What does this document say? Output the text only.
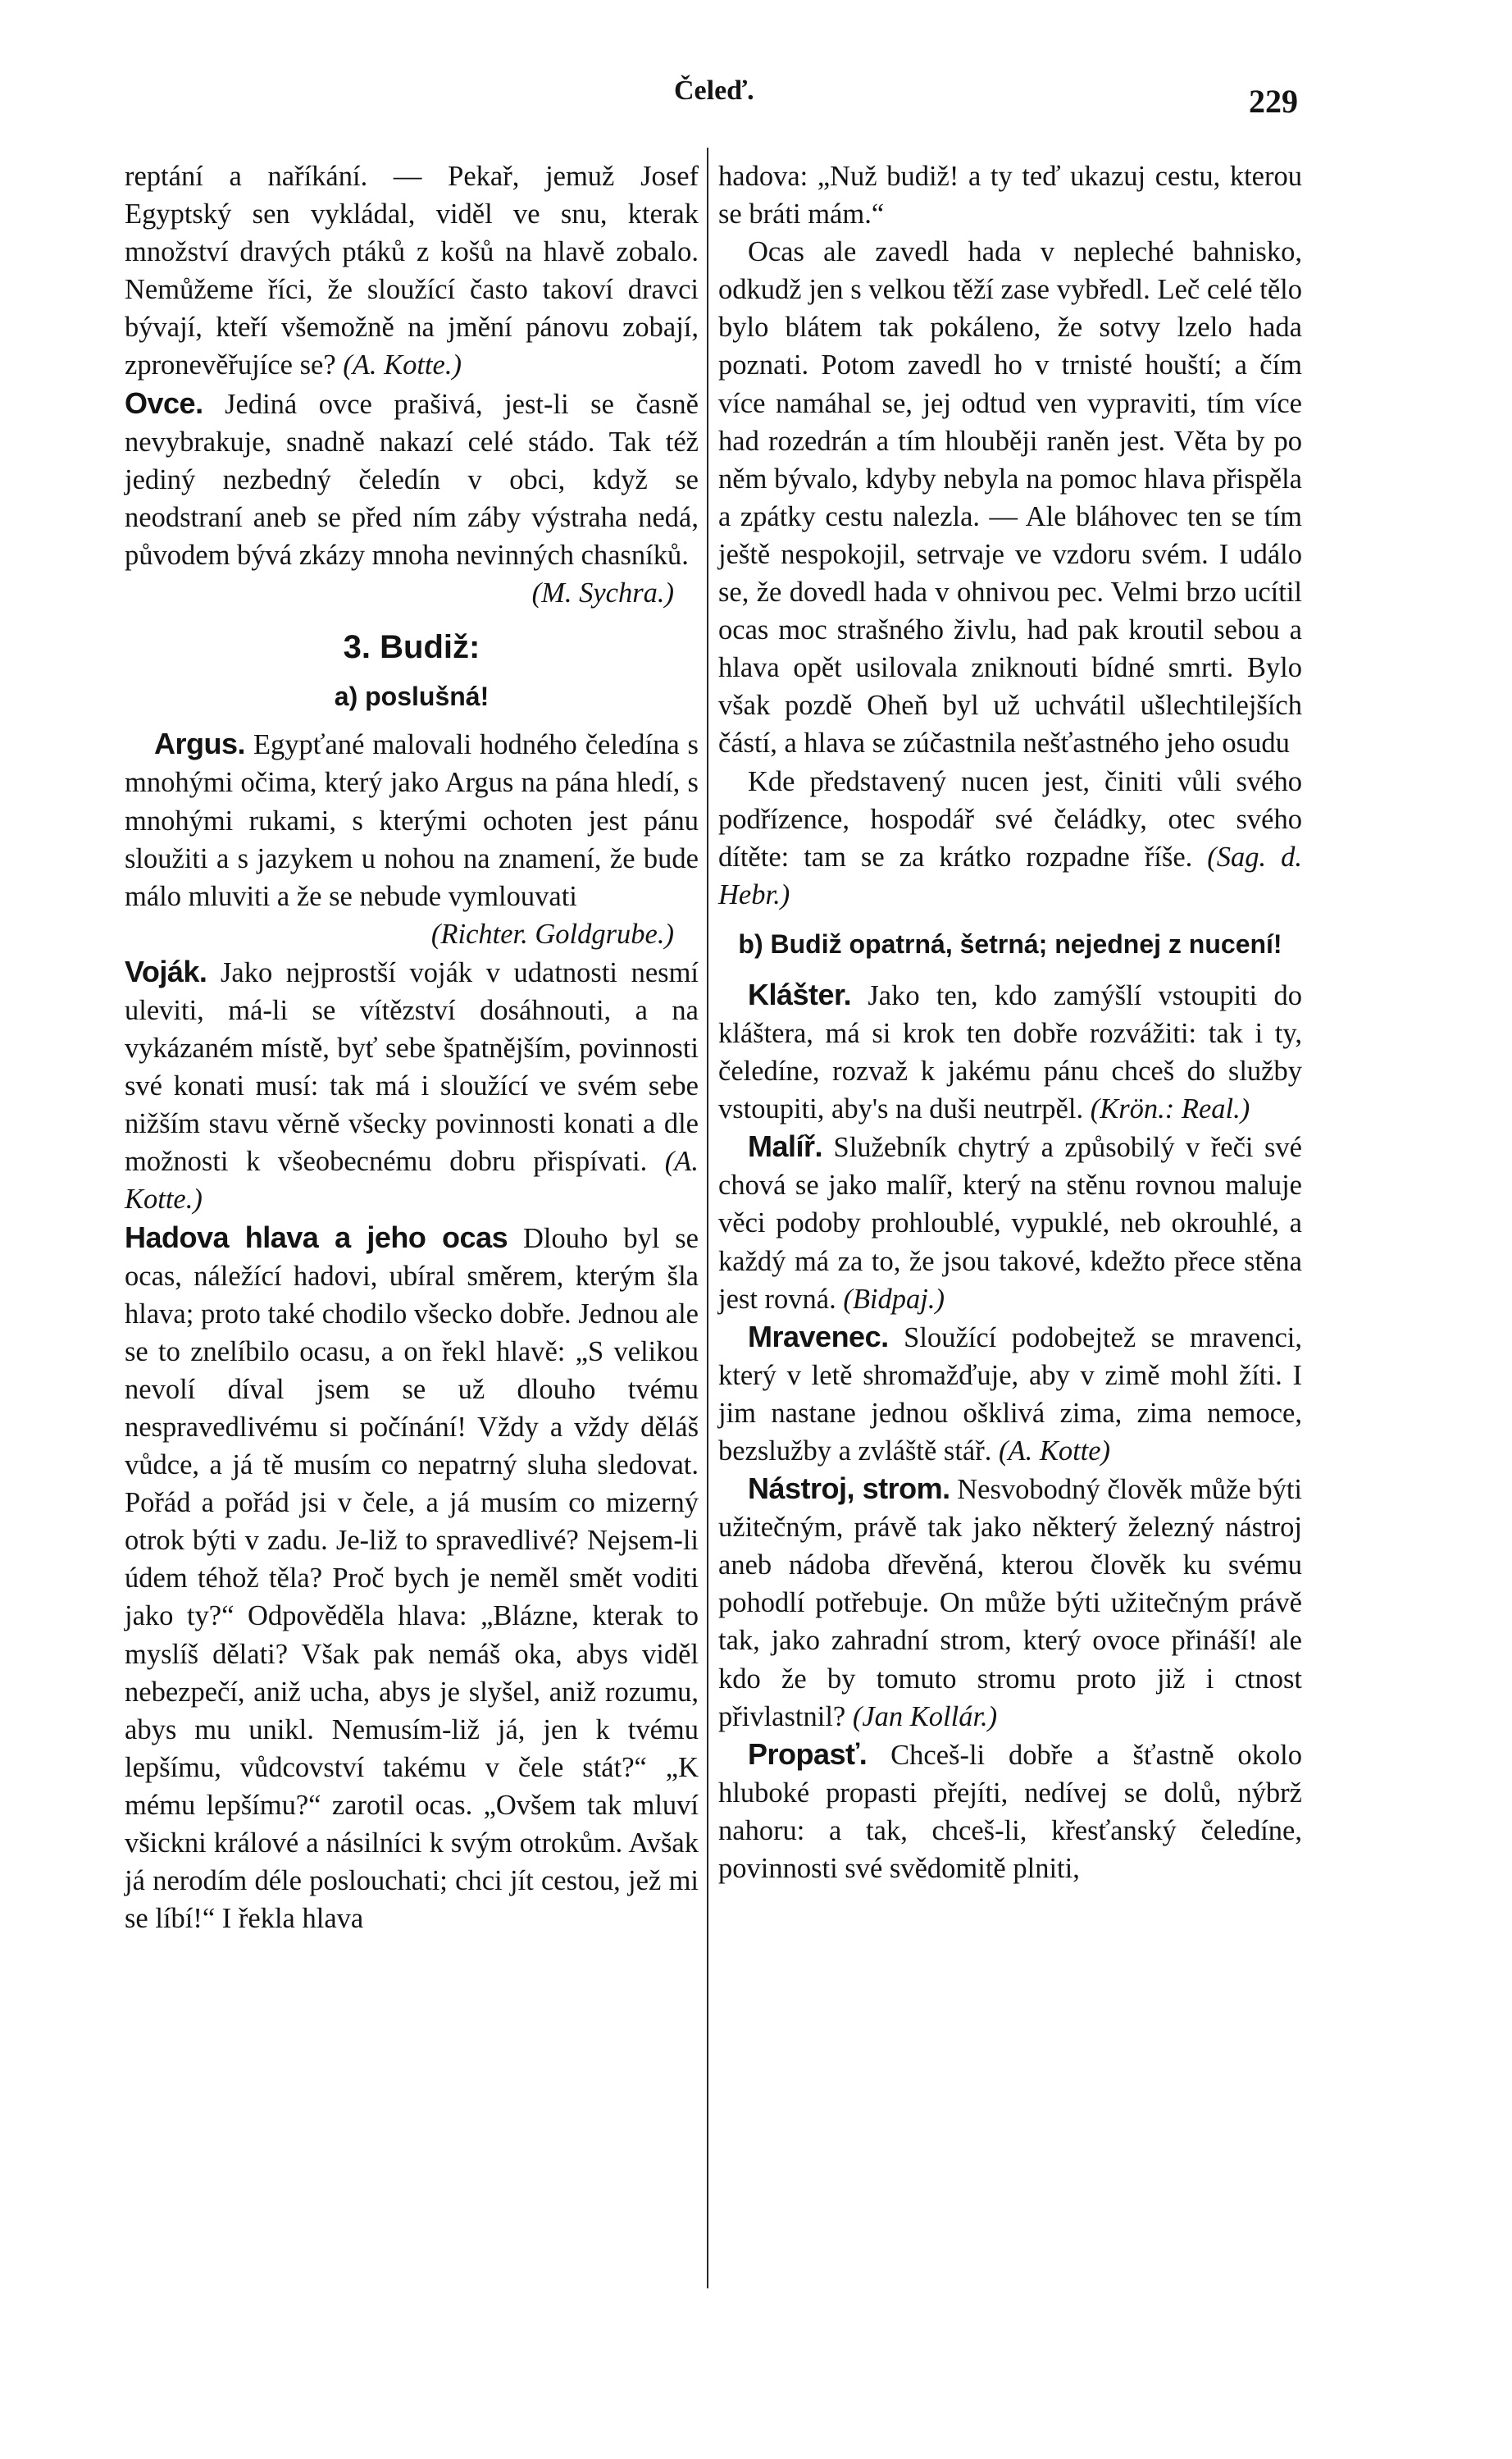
Čeleď.	229
reptání a naříkání. — Pekař, jemuž Josef Egyptský sen vykládal, viděl ve snu, kterak množství dravých ptáků z košů na hlavě zobalo. Nemůžeme říci, že sloužící často takoví dravci bývají, kteří všemožně na jmění pánovu zobají, zpronevěřujíce se? (A. Kotte.)
Ovce. Jediná ovce prašivá, jest-li se časně nevybrakuje, snadně nakazí celé stádo. Tak též jediný nezbedný čeledín v obci, když se neodstraní aneb se před ním záby výstraha nedá, původem bývá zkázy mnoha nevinných chasníků.
(M. Sychra.)
3. Budiž:
a) poslušná!
Argus. Egypťané malovali hodného čeledína s mnohými očima, který jako Argus na pána hledí, s mnohými rukami, s kterými ochoten jest pánu sloužiti a s jazykem u nohou na znamení, že bude málo mluviti a že se nebude vymlouvati
(Richter. Goldgrube.)
Voják. Jako nejprostší voják v udatnosti nesmí uleviti, má-li se vítězství dosáhnouti, a na vykázaném místě, byť sebe špatnějším, povinnosti své konati musí: tak má i sloužící ve svém sebe nižším stavu věrně všecky povinnosti konati a dle možnosti k všeobecnému dobru přispívati. (A. Kotte.)
Hadova hlava a jeho ocas Dlouho byl se ocas, náležící hadovi, ubíral směrem, kterým šla hlava; proto také chodilo všecko dobře. Jednou ale se to znelíbilo ocasu, a on řekl hlavě: „S velikou nevolí díval jsem se už dlouho tvému nespravedlivému si počínání! Vždy a vždy děláš vůdce, a já tě musím co nepatrný sluha sledovat. Pořád a pořád jsi v čele, a já musím co mizerný otrok býti v zadu. Je-liž to spravedlivé? Nejsem-li údem téhož těla? Proč bych je neměl smět voditi jako ty?“ Odpověděla hlava: „Blázne, kterak to myslíš dělati? Však pak nemáš oka, abys viděl nebezpečí, aniž ucha, abys je slyšel, aniž rozumu, abys mu unikl. Nemusím-liž já, jen k tvému lepšímu, vůdcovství takému v čele stát?“ „K mému lepšímu?“ zarotil ocas. „Ovšem tak mluví všickni králové a násilníci k svým otrokům. Avšak já nerodím déle poslouchati; chci jít cestou, jež mi se líbí!“ I řekla hlava
hadova: „Nuž budiž! a ty teď ukazuj cestu, kterou se bráti mám.“
Ocas ale zavedl hada v nepleché bahnisko, odkudž jen s velkou těží zase vybředl. Leč celé tělo bylo blátem tak pokáleno, že sotvy lzelo hada poznati. Potom zavedl ho v trnisté houští; a čím více namáhal se, jej odtud ven vypraviti, tím více had rozedrán a tím hlouběji raněn jest. Věta by po něm bývalo, kdyby nebyla na pomoc hlava přispěla a zpátky cestu nalezla. — Ale bláhovec ten se tím ještě nespokojil, setrvaje ve vzdoru svém. I událo se, že dovedl hada v ohnivou pec. Velmi brzo ucítil ocas moc strašného živlu, had pak kroutil sebou a hlava opět usilovala zniknouti bídné smrti. Bylo však pozdě Oheň byl už uchvátil ušlechtilejších částí, a hlava se zúčastnila nešťastného jeho osudu
Kde představený nucen jest, činiti vůli svého podřízence, hospodář své čeládky, otec svého dítěte: tam se za krátko rozpadne říše. (Sag. d. Hebr.)
b) Budiž opatrná, šetrná; nejednej z nucení!
Klášter. Jako ten, kdo zamýšlí vstoupiti do kláštera, má si krok ten dobře rozvážiti: tak i ty, čeledíne, rozvaž k jakému pánu chceš do služby vstoupiti, aby's na duši neutrpěl. (Krön.: Real.)
Malíř. Služebník chytrý a způsobilý v řeči své chová se jako malíř, který na stěnu rovnou maluje věci podoby prohloublé, vypuklé, neb okrouhlé, a každý má za to, že jsou takové, kdežto přece stěna jest rovná. (Bidpaj.)
Mravenec. Sloužící podobejtež se mravenci, který v letě shromažďuje, aby v zimě mohl žíti. I jim nastane jednou ošklivá zima, zima nemoce, bezslužby a zvláště stář. (A. Kotte)
Nástroj, strom. Nesvobodný člověk může býti užitečným, právě tak jako některý železný nástroj aneb nádoba dřevěná, kterou člověk ku svému pohodlí potřebuje. On může býti užitečným právě tak, jako zahradní strom, který ovoce přináší! ale kdo že by tomuto stromu proto již i ctnost přivlastnil? (Jan Kollár.)
Propasť. Chceš-li dobře a šťastně okolo hluboké propasti přejíti, nedívej se dolů, nýbrž nahoru: a tak, chceš-li, křesťanský čeledíne, povinnosti své svědomitě plniti,
